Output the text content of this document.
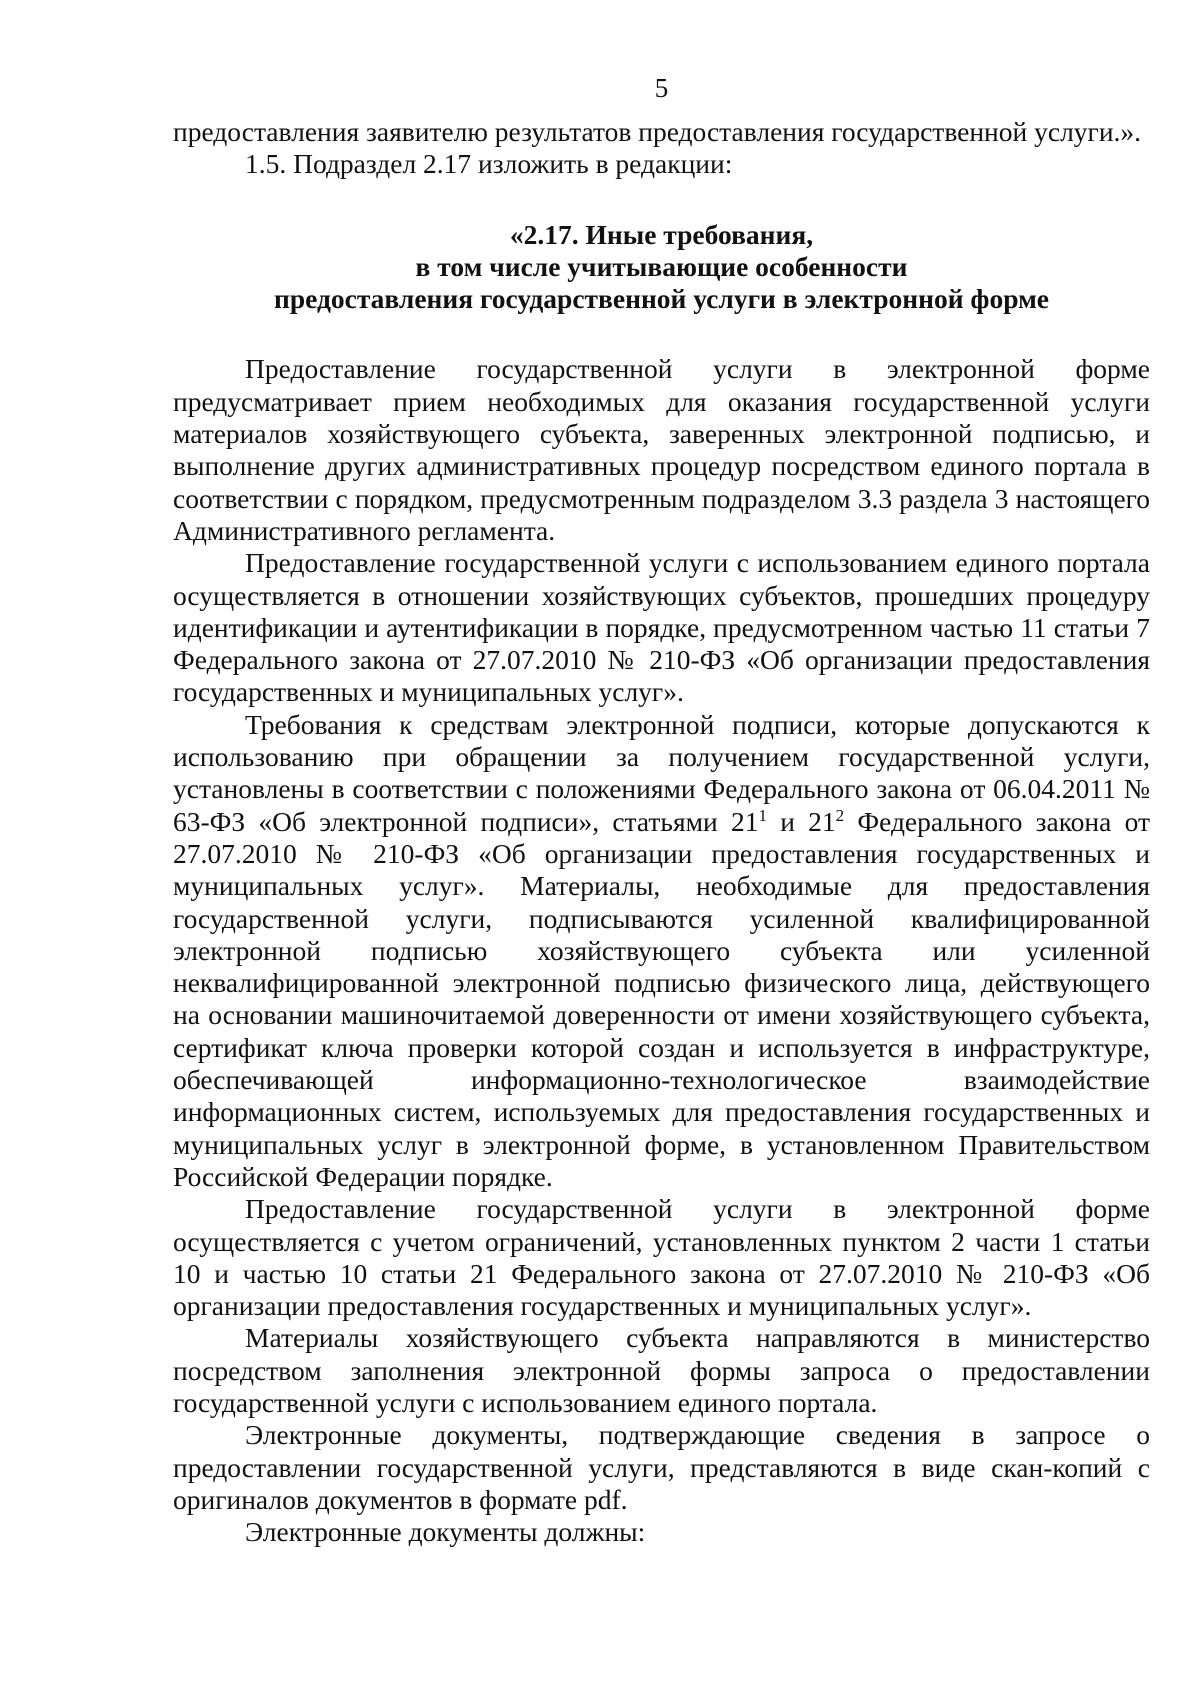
5

предоставления заявителю результатов предоставления государственной услуги.».

1.5. Подраздел 2.17 изложить в редакции:

«2.17. Иные требования,
в том числе учитывающие особенности
предоставления государственной услуги в электронной форме

Предоставление государственной услуги в электронной форме предусматривает прием необходимых для оказания государственной услуги материалов хозяйствующего субъекта, заверенных электронной подписью, и выполнение других административных процедур посредством единого портала в соответствии с порядком, предусмотренным подразделом 3.3 раздела 3 настоящего Административного регламента.

Предоставление государственной услуги с использованием единого портала осуществляется в отношении хозяйствующих субъектов, прошедших процедуру идентификации и аутентификации в порядке, предусмотренном частью 11 статьи 7 Федерального закона от 27.07.2010 № 210-ФЗ «Об организации предоставления государственных и муниципальных услуг».

Требования к средствам электронной подписи, которые допускаются к использованию при обращении за получением государственной услуги, установлены в соответствии с положениями Федерального закона от 06.04.2011 № 63-ФЗ «Об электронной подписи», статьями $21^1$ и $21^2$ Федерального закона от 27.07.2010 № 210-ФЗ «Об организации предоставления государственных и муниципальных услуг». Материалы, необходимые для предоставления государственной услуги, подписываются усиленной квалифицированной электронной подписью хозяйствующего субъекта или усиленной неквалифицированной электронной подписью физического лица, действующего на основании машиночитаемой доверенности от имени хозяйствующего субъекта, сертификат ключа проверки которой создан и используется в инфраструктуре, обеспечивающей информационно-технологическое взаимодействие информационных систем, используемых для предоставления государственных и муниципальных услуг в электронной форме, в установленном Правительством Российской Федерации порядке.

Предоставление государственной услуги в электронной форме осуществляется с учетом ограничений, установленных пунктом 2 части 1 статьи 10 и частью 10 статьи 21 Федерального закона от 27.07.2010 № 210-ФЗ «Об организации предоставления государственных и муниципальных услуг».

Материалы хозяйствующего субъекта направляются в министерство посредством заполнения электронной формы запроса о предоставлении государственной услуги с использованием единого портала.

Электронные документы, подтверждающие сведения в запросе о предоставлении государственной услуги, представляются в виде скан-копий с оригиналов документов в формате pdf.

Электронные документы должны:
